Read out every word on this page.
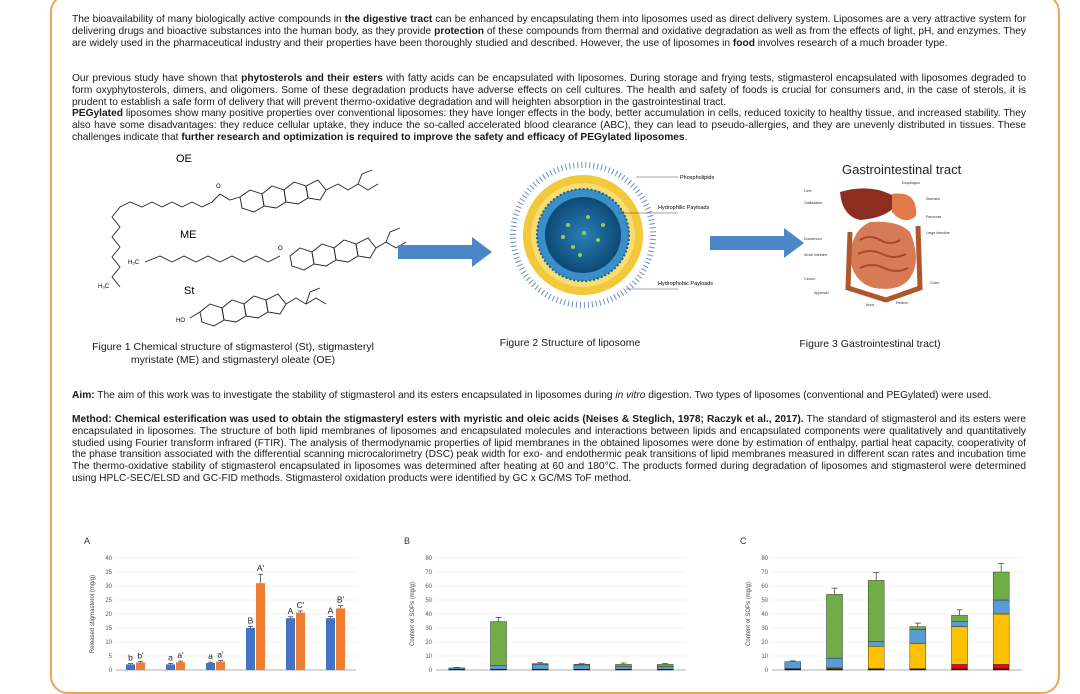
The bioavailability of many biologically active compounds in the digestive tract can be enhanced by encapsulating them into liposomes used as direct delivery system. Liposomes are a very attractive system for delivering drugs and bioactive substances into the human body, as they provide protection of these compounds from thermal and oxidative degradation as well as from the effects of light, pH, and enzymes. They are widely used in the pharmaceutical industry and their properties have been thoroughly studied and described. However, the use of liposomes in food involves research of a much broader type.
Our previous study have shown that phytosterols and their esters with fatty acids can be encapsulated with liposomes. During storage and frying tests, stigmasterol encapsulated with liposomes degraded to form oxyphytosterols, dimers, and oligomers. Some of these degradation products have adverse effects on cell cultures. The health and safety of foods is crucial for consumers and, in the case of sterols, it is prudent to establish a safe form of delivery that will prevent thermo-oxidative degradation and will heighten absorption in the gastrointestinal tract.
PEGylated liposomes show many positive properties over conventional liposomes: they have longer effects in the body, better accumulation in cells, reduced toxicity to healthy tissue, and increased stability. They also have some disadvantages: they reduce cellular uptake, they induce the so-called accelerated blood clearance (ABC), they can lead to pseudo-allergies, and they are unevenly distributed in tissues. These challenges indicate that further research and optimization is required to improve the safety and efficacy of PEGylated liposomes.
OE
ME
St
H₃C
H₃C
HO
O
O
Phospholipids
Hydrophilic Payloads
Hydrophobic Payloads
Gastrointestinal tract
Liver
Gallbladder
Duodenum
Small intestine
Cecum
Appendix
Esophagus
Stomach
Pancreas
Large intestine
Colon
Rectum
Anus
Figure 1 Chemical structure of stigmasterol (St), stigmasteryl
myristate (ME) and stigmasteryl oleate (OE)
Figure 2 Structure of liposome	Figure 3 Gastrointestinal tract)
Aim: The aim of this work was to investigate the stability of stigmasterol and its esters encapsulated in liposomes during in vitro digestion. Two types of liposomes (conventional and PEGylated) were used.
Method: Chemical esterification was used to obtain the stigmasteryl esters with myristic and oleic acids (Neises & Steglich, 1978; Raczyk et al., 2017). The standard of stigmasterol and its esters were encapsulated in liposomes. The structure of both lipid membranes of liposomes and encapsulated molecules and interactions between lipids and encapsulated components were qualitatively and quantitatively studied using Fourier transform infrared (FTIR). The analysis of thermodynamic properties of lipid membranes in the obtained liposomes were done by estimation of enthalpy, partial heat capacity, cooperativity of the phase transition associated with the differential scanning microcalorimetry (DSC) peak width for exo- and endothermic peak transitions of lipid membranes measured in different scan rates and incubation time The thermo-oxidative stability of stigmasterol encapsulated in liposomes was determined after heating at 60 and 180°C. The products formed during degradation of liposomes and stigmasterol were determined using HPLC-SEC/ELSD and GC-FID methods. Stigmasterol oxidation products were identified by GC x GC/MS ToF method.
A
0
5
10
15
20
25
30
35
40
Released stigmasterol (mg/g)
b b'	a a'	a a'
B
A'
A
C'
A
B'
B
0
10
20
30
40
50
60
70
80
Content of SOPs (mg/g)
C
0
10
20
30
40
50
60
70
80
Content of SOPs (mg/g)
